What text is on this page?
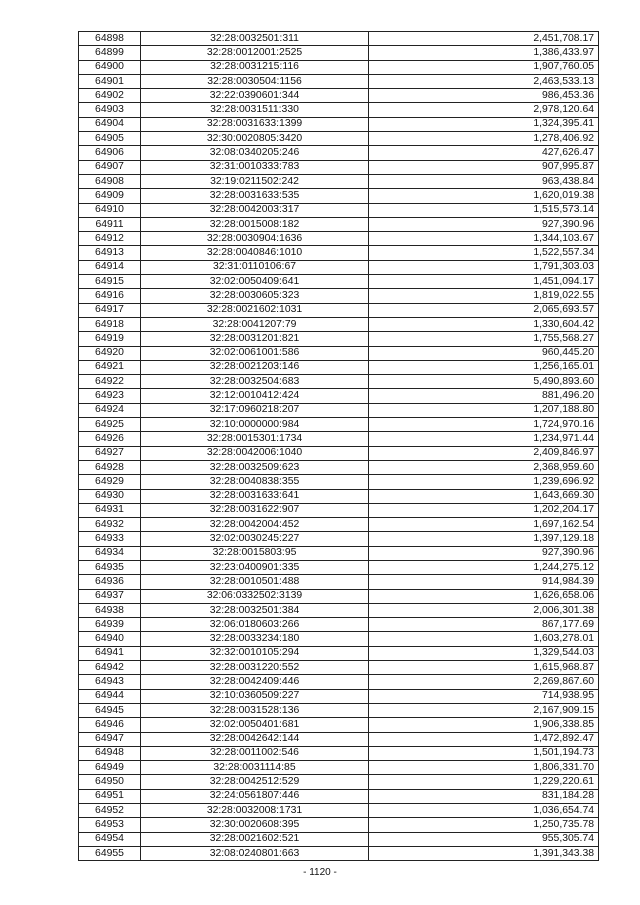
64898	32:28:0032501:311	2,451,708.17
64899	32:28:0012001:2525	1,386,433.97
64900	32:28:0031215:116	1,907,760.05
64901	32:28:0030504:1156	2,463,533.13
64902	32:22:0390601:344	986,453.36
64903	32:28:0031511:330	2,978,120.64
64904	32:28:0031633:1399	1,324,395.41
64905	32:30:0020805:3420	1,278,406.92
64906	32:08:0340205:246	427,626.47
64907	32:31:0010333:783	907,995.87
64908	32:19:0211502:242	963,438.84
64909	32:28:0031633:535	1,620,019.38
64910	32:28:0042003:317	1,515,573.14
64911	32:28:0015008:182	927,390.96
64912	32:28:0030904:1636	1,344,103.67
64913	32:28:0040846:1010	1,522,557.34
64914	32:31:0110106:67	1,791,303.03
64915	32:02:0050409:641	1,451,094.17
64916	32:28:0030605:323	1,819,022.55
64917	32:28:0021602:1031	2,065,693.57
64918	32:28:0041207:79	1,330,604.42
64919	32:28:0031201:821	1,755,568.27
64920	32:02:0061001:586	960,445.20
64921	32:28:0021203:146	1,256,165.01
64922	32:28:0032504:683	5,490,893.60
64923	32:12:0010412:424	881,496.20
64924	32:17:0960218:207	1,207,188.80
64925	32:10:0000000:984	1,724,970.16
64926	32:28:0015301:1734	1,234,971.44
64927	32:28:0042006:1040	2,409,846.97
64928	32:28:0032509:623	2,368,959.60
64929	32:28:0040838:355	1,239,696.92
64930	32:28:0031633:641	1,643,669.30
64931	32:28:0031622:907	1,202,204.17
64932	32:28:0042004:452	1,697,162.54
64933	32:02:0030245:227	1,397,129.18
64934	32:28:0015803:95	927,390.96
64935	32:23:0400901:335	1,244,275.12
64936	32:28:0010501:488	914,984.39
64937	32:06:0332502:3139	1,626,658.06
64938	32:28:0032501:384	2,006,301.38
64939	32:06:0180603:266	867,177.69
64940	32:28:0033234:180	1,603,278.01
64941	32:32:0010105:294	1,329,544.03
64942	32:28:0031220:552	1,615,968.87
64943	32:28:0042409:446	2,269,867.60
64944	32:10:0360509:227	714,938.95
64945	32:28:0031528:136	2,167,909.15
64946	32:02:0050401:681	1,906,338.85
64947	32:28:0042642:144	1,472,892.47
64948	32:28:0011002:546	1,501,194.73
64949	32:28:0031114:85	1,806,331.70
64950	32:28:0042512:529	1,229,220.61
64951	32:24:0561807:446	831,184.28
64952	32:28:0032008:1731	1,036,654.74
64953	32:30:0020608:395	1,250,735.78
64954	32:28:0021602:521	955,305.74
64955	32:08:0240801:663	1,391,343.38
- 1120 -
